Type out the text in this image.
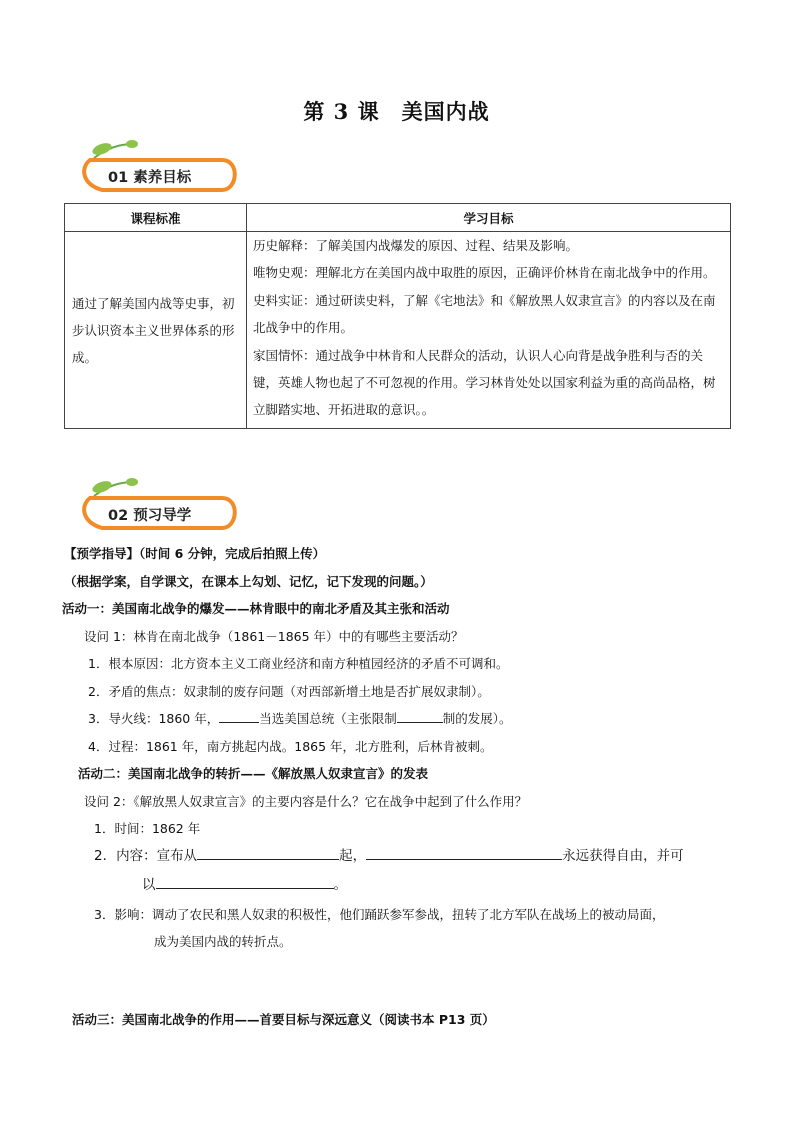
第 3 课　美国内战
01 素养目标
课程标准	学习目标
通过了解美国内战等史事，初步认识资本主义世界体系的形成。	历史解释：了解美国内战爆发的原因、过程、结果及影响。
唯物史观：理解北方在美国内战中取胜的原因，正确评价林肯在南北战争中的作用。
史料实证：通过研读史料，了解《宅地法》和《解放黑人奴隶宣言》的内容以及在南北战争中的作用。
家国情怀：通过战争中林肯和人民群众的活动，认识人心向背是战争胜利与否的关键，英雄人物也起了不可忽视的作用。学习林肯处处以国家利益为重的高尚品格，树立脚踏实地、开拓进取的意识。。
02 预习导学
【预学指导】（时间 6 分钟，完成后拍照上传）
（根据学案，自学课文，在课本上勾划、记忆，记下发现的问题。）
活动一：美国南北战争的爆发——林肯眼中的南北矛盾及其主张和活动
设问 1：林肯在南北战争（1861－1865 年）中的有哪些主要活动？
1．根本原因：北方资本主义工商业经济和南方种植园经济的矛盾不可调和。
2．矛盾的焦点：奴隶制的废存问题（对西部新增土地是否扩展奴隶制）。
3．导火线：1860 年，	当选美国总统（主张限制	制的发展）。
4．过程：1861 年，南方挑起内战。1865 年，北方胜利，后林肯被刺。
活动二：美国南北战争的转折——《解放黑人奴隶宣言》的发表
设问 2：《解放黑人奴隶宣言》的主要内容是什么？它在战争中起到了什么作用？
1．时间：1862 年
2．内容：宣布从	起，	永远获得自由，并可
以	。
3．影响：调动了农民和黑人奴隶的积极性，他们踊跃参军参战，扭转了北方军队在战场上的被动局面，
成为美国内战的转折点。
活动三：美国南北战争的作用——首要目标与深远意义（阅读书本 P13 页）
